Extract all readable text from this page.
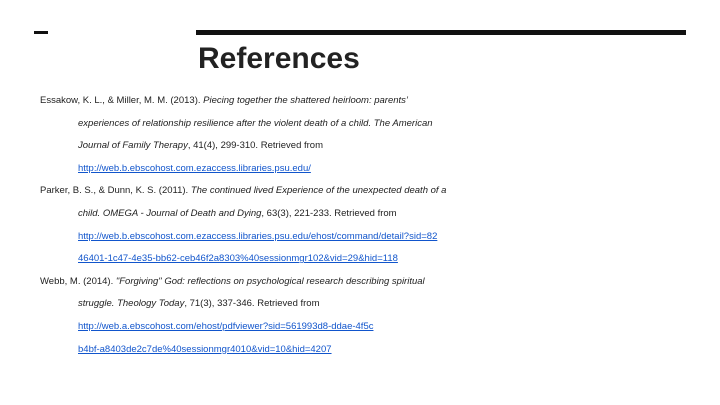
References
Essakow, K. L., & Miller, M. M. (2013). Piecing together the shattered heirloom: parents’
experiences of relationship resilience after the violent death of a child. The American
Journal of Family Therapy, 41(4), 299-310. Retrieved from
http://web.b.ebscohost.com.ezaccess.libraries.psu.edu/
Parker, B. S., & Dunn, K. S. (2011). The continued lived Experience of the unexpected death of a
child. OMEGA - Journal of Death and Dying, 63(3), 221-233. Retrieved from
http://web.b.ebscohost.com.ezaccess.libraries.psu.edu/ehost/command/detail?sid=82
46401-1c47-4e35-bb62-ceb46f2a8303%40sessionmgr102&vid=29&hid=118
Webb, M. (2014). "Forgiving" God: reflections on psychological research describing spiritual
struggle. Theology Today, 71(3), 337-346. Retrieved from
http://web.a.ebscohost.com/ehost/pdfviewer?sid=561993d8-ddae-4f5c
b4bf-a8403de2c7de%40sessionmgr4010&vid=10&hid=4207
